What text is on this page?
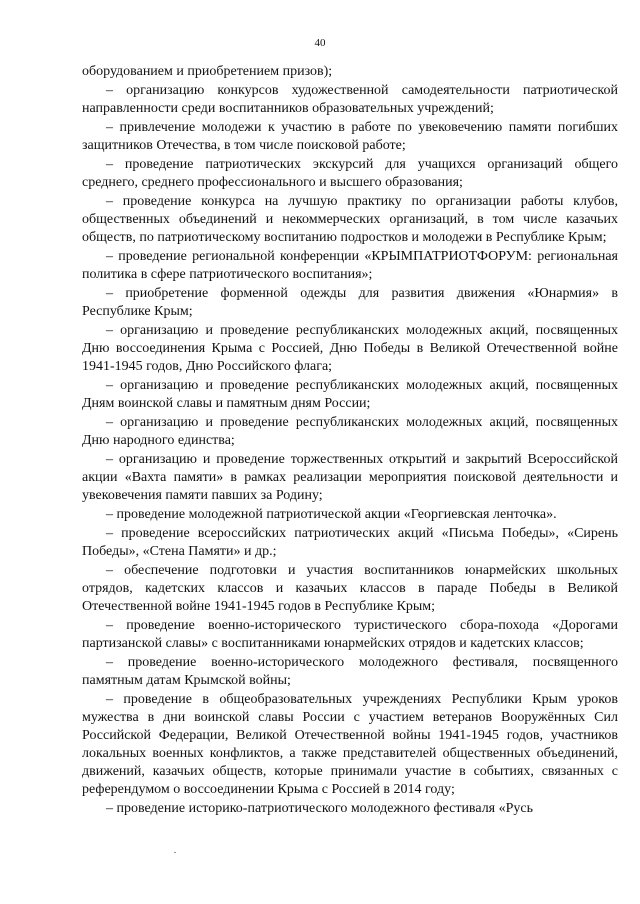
40

оборудованием и приобретением призов);

– организацию конкурсов художественной самодеятельности патриотической направленности среди воспитанников образовательных учреждений;

– привлечение молодежи к участию в работе по увековечению памяти погибших защитников Отечества, в том числе поисковой работе;

– проведение патриотических экскурсий для учащихся организаций общего среднего, среднего профессионального и высшего образования;

– проведение конкурса на лучшую практику по организации работы клубов, общественных объединений и некоммерческих организаций, в том числе казачьих обществ, по патриотическому воспитанию подростков и молодежи в Республике Крым;

– проведение региональной конференции «КРЫМПАТРИОТФОРУМ: региональная политика в сфере патриотического воспитания»;

– приобретение форменной одежды для развития движения «Юнармия» в Республике Крым;

– организацию и проведение республиканских молодежных акций, посвященных Дню воссоединения Крыма с Россией, Дню Победы в Великой Отечественной войне 1941-1945 годов, Дню Российского флага;

– организацию и проведение республиканских молодежных акций, посвященных Дням воинской славы и памятным дням России;

– организацию и проведение республиканских молодежных акций, посвященных Дню народного единства;

– организацию и проведение торжественных открытий и закрытий Всероссийской акции «Вахта памяти» в рамках реализации мероприятия поисковой деятельности и увековечения памяти павших за Родину;

– проведение молодежной патриотической акции «Георгиевская ленточка».

– проведение всероссийских патриотических акций «Письма Победы», «Сирень Победы», «Стена Памяти» и др.;

– обеспечение подготовки и участия воспитанников юнармейских школьных отрядов, кадетских классов и казачьих классов в параде Победы в Великой Отечественной войне 1941-1945 годов в Республике Крым;

– проведение военно-исторического туристического сбора-похода «Дорогами партизанской славы» с воспитанниками юнармейских отрядов и кадетских классов;

– проведение военно-исторического молодежного фестиваля, посвященного памятным датам Крымской войны;

– проведение в общеобразовательных учреждениях Республики Крым уроков мужества в дни воинской славы России с участием ветеранов Вооружённых Сил Российской Федерации, Великой Отечественной войны 1941-1945 годов, участников локальных военных конфликтов, а также представителей общественных объединений, движений, казачьих обществ, которые принимали участие в событиях, связанных с референдумом о воссоединении Крыма с Россией в 2014 году;

– проведение историко-патриотического молодежного фестиваля «Русь
